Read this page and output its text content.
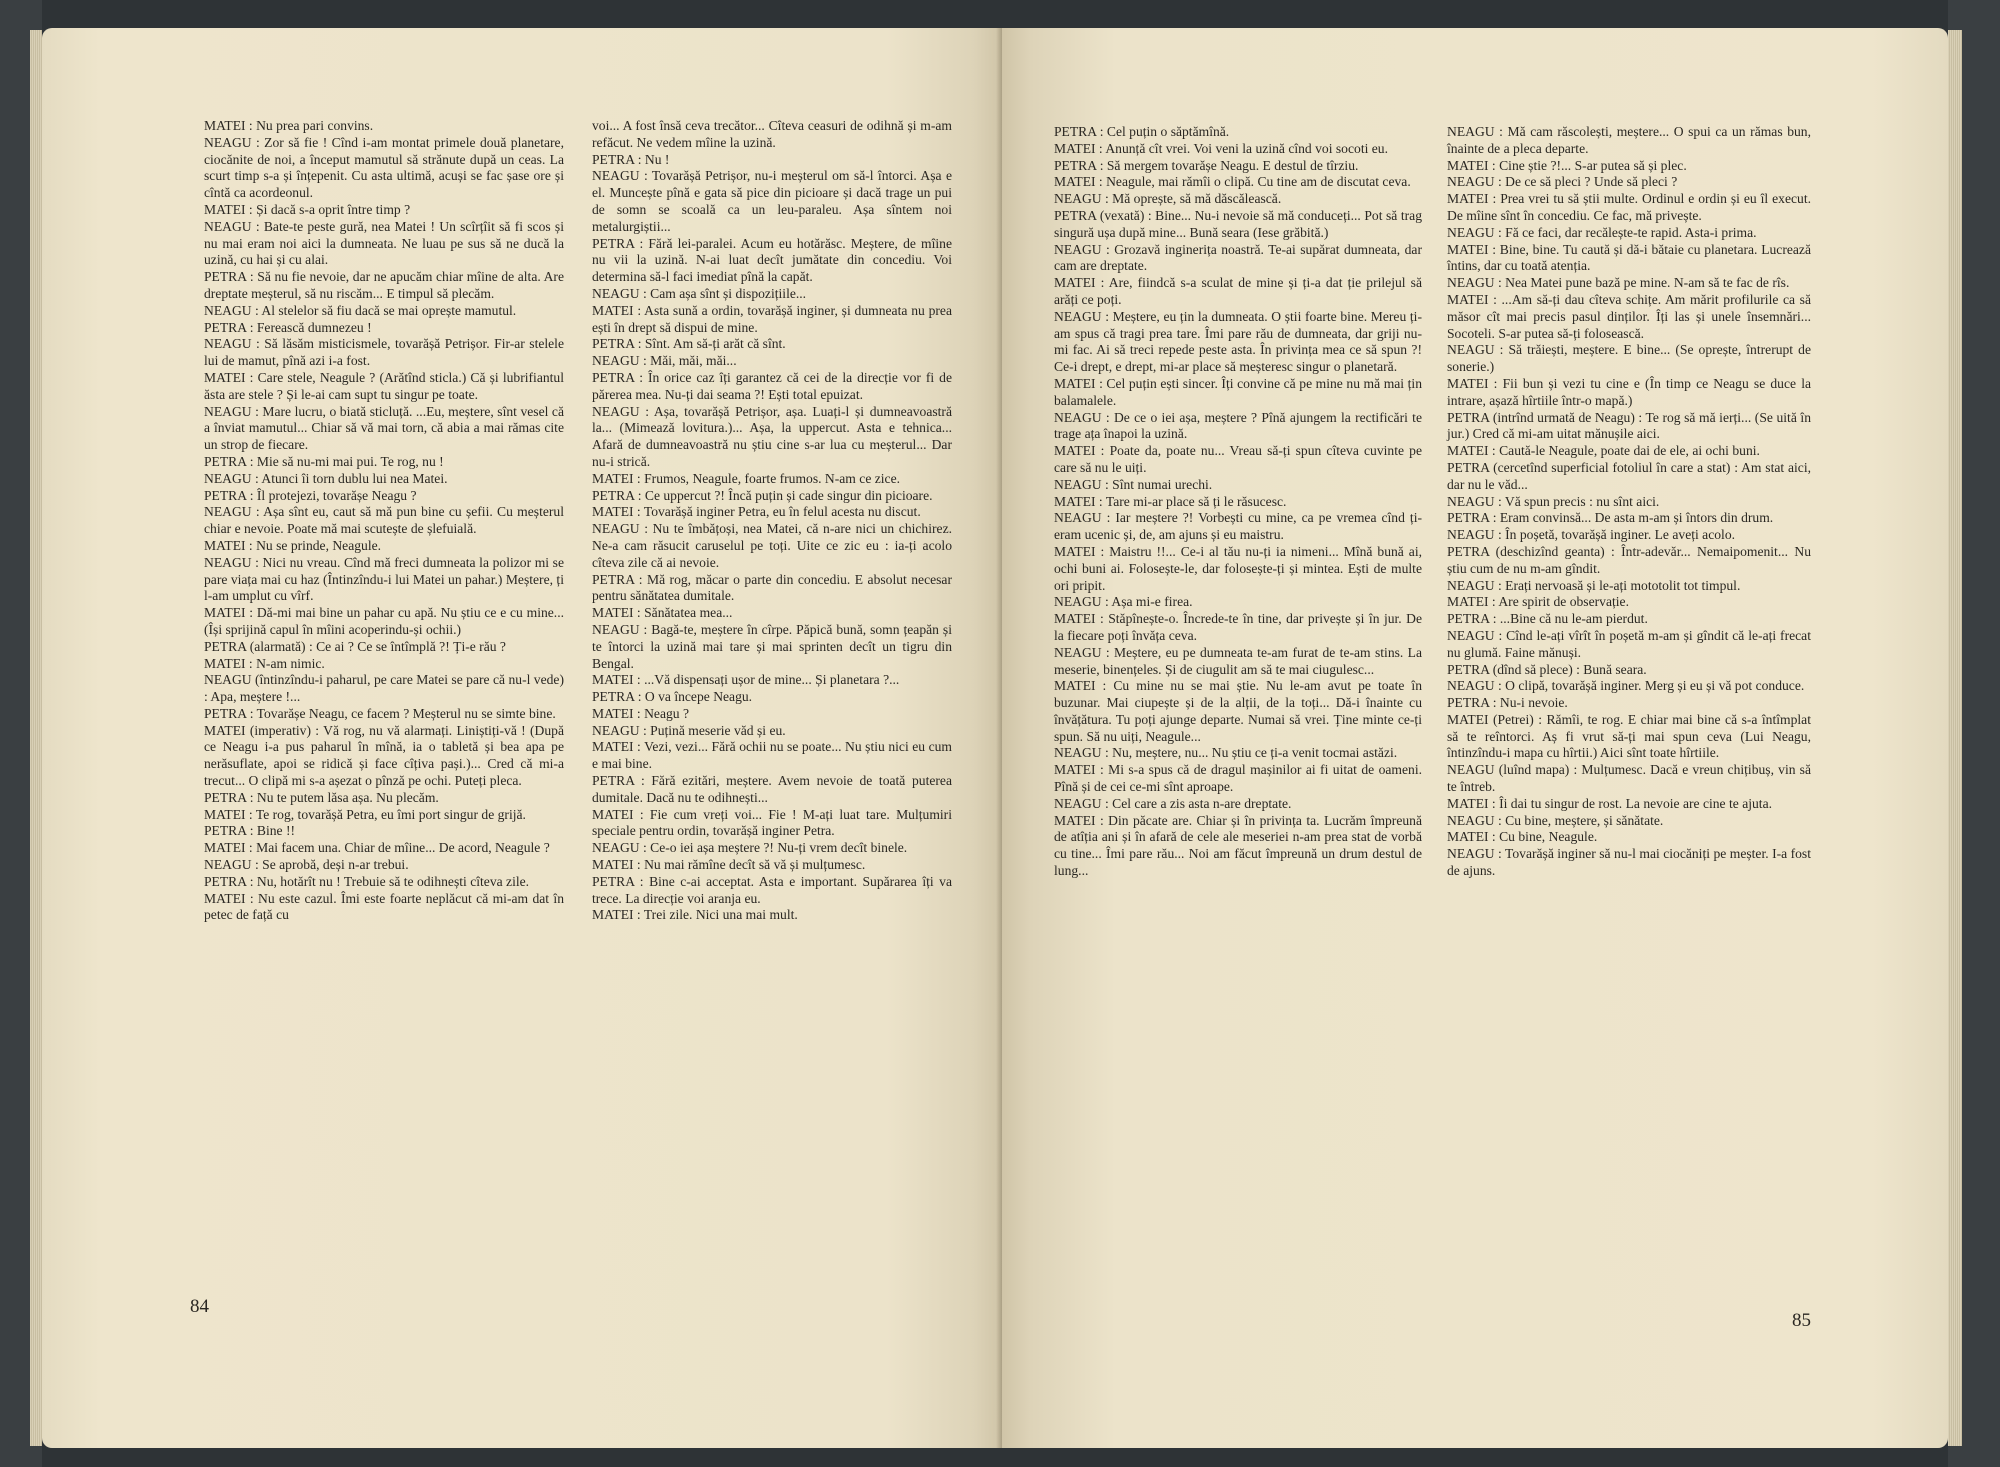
MATEI : Nu prea pari convins.

NEAGU : Zor să fie ! Cînd i-am montat primele două planetare, ciocănite de noi, a început mamutul să strănute după un ceas. La scurt timp s-a și înțepenit. Cu asta ultimă, acuși se fac șase ore și cîntă ca acordeonul.

MATEI : Și dacă s-a oprit între timp ?

NEAGU : Bate-te peste gură, nea Matei ! Un scîrțîit să fi scos și nu mai eram noi aici la dumneata. Ne luau pe sus să ne ducă la uzină, cu hai și cu alai.

PETRA : Să nu fie nevoie, dar ne apucăm chiar mîine de alta. Are dreptate meșterul, să nu riscăm... E timpul să plecăm.

NEAGU : Al stelelor să fiu dacă se mai oprește mamutul.

PETRA : Ferească dumnezeu !

NEAGU : Să lăsăm misticismele, tovarășă Petrișor. Fir-ar stelele lui de mamut, pînă azi i-a fost.

MATEI : Care stele, Neagule ? (Arătînd sticla.) Că și lubrifiantul ăsta are stele ? Și le-ai cam supt tu singur pe toate.

NEAGU : Mare lucru, o biată sticluță. ...Eu, meștere, sînt vesel că a înviat mamutul... Chiar să vă mai torn, că abia a mai rămas cite un strop de fiecare.

PETRA : Mie să nu-mi mai pui. Te rog, nu !

NEAGU : Atunci îi torn dublu lui nea Matei.

PETRA : Îl protejezi, tovarășe Neagu ?

NEAGU : Așa sînt eu, caut să mă pun bine cu șefii. Cu meșterul chiar e nevoie. Poate mă mai scutește de șlefuială.

MATEI : Nu se prinde, Neagule.

NEAGU : Nici nu vreau. Cînd mă freci dumneata la polizor mi se pare viața mai cu haz (Întinzîndu-i lui Matei un pahar.) Meștere, ți l-am umplut cu vîrf.

MATEI : Dă-mi mai bine un pahar cu apă. Nu știu ce e cu mine... (Își sprijină capul în mîini acoperindu-și ochii.)

PETRA (alarmată) : Ce ai ? Ce se întîmplă ?! Ți-e rău ?

MATEI : N-am nimic.

NEAGU (întinzîndu-i paharul, pe care Matei se pare că nu-l vede) : Apa, meștere !...

PETRA : Tovarășe Neagu, ce facem ? Meșterul nu se simte bine.

MATEI (imperativ) : Vă rog, nu vă alarmați. Liniștiți-vă ! (După ce Neagu i-a pus paharul în mînă, ia o tabletă și bea apa pe nerăsuflate, apoi se ridică și face cîțiva pași.)... Cred că mi-a trecut... O clipă mi s-a așezat o pînză pe ochi. Puteți pleca.

PETRA : Nu te putem lăsa așa. Nu plecăm.

MATEI : Te rog, tovarășă Petra, eu îmi port singur de grijă.

PETRA : Bine !!

MATEI : Mai facem una. Chiar de mîine... De acord, Neagule ?

NEAGU : Se aprobă, deși n-ar trebui.

PETRA : Nu, hotărît nu ! Trebuie să te odihnești cîteva zile.

MATEI : Nu este cazul. Îmi este foarte neplăcut că mi-am dat în petec de față cu

voi... A fost însă ceva trecător... Cîteva ceasuri de odihnă și m-am refăcut. Ne vedem mîine la uzină.

PETRA : Nu !

NEAGU : Tovarășă Petrișor, nu-i meșterul om să-l întorci. Așa e el. Muncește pînă e gata să pice din picioare și dacă trage un pui de somn se scoală ca un leu-paraleu. Așa sîntem noi metalurgiștii...

PETRA : Fără lei-paralei. Acum eu hotărăsc. Meștere, de mîine nu vii la uzină. N-ai luat decît jumătate din concediu. Voi determina să-l faci imediat pînă la capăt.

NEAGU : Cam așa sînt și dispozițiile...

MATEI : Asta sună a ordin, tovarășă inginer, și dumneata nu prea ești în drept să dispui de mine.

PETRA : Sînt. Am să-ți arăt că sînt.

NEAGU : Măi, măi, măi...

PETRA : În orice caz îți garantez că cei de la direcție vor fi de părerea mea. Nu-ți dai seama ?! Ești total epuizat.

NEAGU : Așa, tovarășă Petrișor, așa. Luați-l și dumneavoastră la... (Mimează lovitura.)... Așa, la uppercut. Asta e tehnica... Afară de dumneavoastră nu știu cine s-ar lua cu meșterul... Dar nu-i strică.

MATEI : Frumos, Neagule, foarte frumos. N-am ce zice.

PETRA : Ce uppercut ?! Încă puțin și cade singur din picioare.

MATEI : Tovarășă inginer Petra, eu în felul acesta nu discut.

NEAGU : Nu te îmbățoși, nea Matei, că n-are nici un chichirez. Ne-a cam răsucit caruselul pe toți. Uite ce zic eu : ia-ți acolo cîteva zile că ai nevoie.

PETRA : Mă rog, măcar o parte din concediu. E absolut necesar pentru sănătatea dumitale.

MATEI : Sănătatea mea...

NEAGU : Bagă-te, meștere în cîrpe. Păpică bună, somn țeapăn și te întorci la uzină mai tare și mai sprinten decît un tigru din Bengal.

MATEI : ...Vă dispensați ușor de mine... Și planetara ?...

PETRA : O va începe Neagu.

MATEI : Neagu ?

NEAGU : Puțină meserie văd și eu.

MATEI : Vezi, vezi... Fără ochii nu se poate... Nu știu nici eu cum e mai bine.

PETRA : Fără ezitări, meștere. Avem nevoie de toată puterea dumitale. Dacă nu te odihnești...

MATEI : Fie cum vreți voi... Fie ! M-ați luat tare. Mulțumiri speciale pentru ordin, tovarășă inginer Petra.

NEAGU : Ce-o iei așa meștere ?! Nu-ți vrem decît binele.

MATEI : Nu mai rămîne decît să vă și mulțumesc.

PETRA : Bine c-ai acceptat. Asta e important. Supărarea îți va trece. La direcție voi aranja eu.

MATEI : Trei zile. Nici una mai mult.

84

PETRA : Cel puțin o săptămînă.

MATEI : Anunță cît vrei. Voi veni la uzină cînd voi socoti eu.

PETRA : Să mergem tovarășe Neagu. E destul de tîrziu.

MATEI : Neagule, mai rămîi o clipă. Cu tine am de discutat ceva.

NEAGU : Mă oprește, să mă dăscălească.

PETRA (vexată) : Bine... Nu-i nevoie să mă conduceți... Pot să trag singură ușa după mine... Bună seara (Iese grăbită.)

NEAGU : Grozavă inginerița noastră. Te-ai supărat dumneata, dar cam are dreptate.

MATEI : Are, fiindcă s-a sculat de mine și ți-a dat ție prilejul să arăți ce poți.

NEAGU : Meștere, eu țin la dumneata. O știi foarte bine. Mereu ți-am spus că tragi prea tare. Îmi pare rău de dumneata, dar griji nu-mi fac. Ai să treci repede peste asta. În privința mea ce să spun ?! Ce-i drept, e drept, mi-ar place să meșteresc singur o planetară.

MATEI : Cel puțin ești sincer. Îți convine că pe mine nu mă mai țin balamalele.

NEAGU : De ce o iei așa, meștere ? Pînă ajungem la rectificări te trage ața înapoi la uzină.

MATEI : Poate da, poate nu... Vreau să-ți spun cîteva cuvinte pe care să nu le uiți.

NEAGU : Sînt numai urechi.

MATEI : Tare mi-ar place să ți le răsucesc.

NEAGU : Iar meștere ?! Vorbești cu mine, ca pe vremea cînd ți-eram ucenic și, de, am ajuns și eu maistru.

MATEI : Maistru !!... Ce-i al tău nu-ți ia nimeni... Mînă bună ai, ochi buni ai. Folosește-le, dar folosește-ți și mintea. Ești de multe ori pripit.

NEAGU : Așa mi-e firea.

MATEI : Stăpînește-o. Încrede-te în tine, dar privește și în jur. De la fiecare poți învăța ceva.

NEAGU : Meștere, eu pe dumneata te-am furat de te-am stins. La meserie, binențeles. Și de ciugulit am să te mai ciugulesc...

MATEI : Cu mine nu se mai știe. Nu le-am avut pe toate în buzunar. Mai ciupește și de la alții, de la toți... Dă-i înainte cu învățătura. Tu poți ajunge departe. Numai să vrei. Ține minte ce-ți spun. Să nu uiți, Neagule...

NEAGU : Nu, meștere, nu... Nu știu ce ți-a venit tocmai astăzi.

MATEI : Mi s-a spus că de dragul mașinilor ai fi uitat de oameni. Pînă și de cei ce-mi sînt aproape.

NEAGU : Cel care a zis asta n-are dreptate.

MATEI : Din păcate are. Chiar și în privința ta. Lucrăm împreună de atîția ani și în afară de cele ale meseriei n-am prea stat de vorbă cu tine... Îmi pare rău... Noi am făcut împreună un drum destul de lung...

NEAGU : Mă cam răscolești, meștere... O spui ca un rămas bun, înainte de a pleca departe.

MATEI : Cine știe ?!... S-ar putea să și plec.

NEAGU : De ce să pleci ? Unde să pleci ?

MATEI : Prea vrei tu să știi multe. Ordinul e ordin și eu îl execut. De mîine sînt în concediu. Ce fac, mă privește.

NEAGU : Fă ce faci, dar recălește-te rapid. Asta-i prima.

MATEI : Bine, bine. Tu caută și dă-i bătaie cu planetara. Lucrează întins, dar cu toată atenția.

NEAGU : Nea Matei pune bază pe mine. N-am să te fac de rîs.

MATEI : ...Am să-ți dau cîteva schițe. Am mărit profilurile ca să măsor cît mai precis pasul dinților. Îți las și unele însemnări... Socoteli. S-ar putea să-ți folosească.

NEAGU : Să trăiești, meștere. E bine... (Se oprește, întrerupt de sonerie.)

MATEI : Fii bun și vezi tu cine e (În timp ce Neagu se duce la intrare, așază hîrtiile într-o mapă.)

PETRA (intrînd urmată de Neagu) : Te rog să mă ierți... (Se uită în jur.) Cred că mi-am uitat mănușile aici.

MATEI : Caută-le Neagule, poate dai de ele, ai ochi buni.

PETRA (cercetînd superficial fotoliul în care a stat) : Am stat aici, dar nu le văd...

NEAGU : Vă spun precis : nu sînt aici.

PETRA : Eram convinsă... De asta m-am și întors din drum.

NEAGU : În poșetă, tovarășă inginer. Le aveți acolo.

PETRA (deschizînd geanta) : Într-adevăr... Nemaipomenit... Nu știu cum de nu m-am gîndit.

NEAGU : Erați nervoasă și le-ați mototolit tot timpul.

MATEI : Are spirit de observație.

PETRA : ...Bine că nu le-am pierdut.

NEAGU : Cînd le-ați vîrît în poșetă m-am și gîndit că le-ați frecat nu glumă. Faine mănuși.

PETRA (dînd să plece) : Bună seara.

NEAGU : O clipă, tovarășă inginer. Merg și eu și vă pot conduce.

PETRA : Nu-i nevoie.

MATEI (Petrei) : Rămîi, te rog. E chiar mai bine că s-a întîmplat să te reîntorci. Aș fi vrut să-ți mai spun ceva (Lui Neagu, întinzîndu-i mapa cu hîrtii.) Aici sînt toate hîrtiile.

NEAGU (luînd mapa) : Mulțumesc. Dacă e vreun chițibuș, vin să te întreb.

MATEI : Îi dai tu singur de rost. La nevoie are cine te ajuta.

NEAGU : Cu bine, meștere, și sănătate.

MATEI : Cu bine, Neagule.

NEAGU : Tovarășă inginer să nu-l mai ciocăniți pe meșter. I-a fost de ajuns.

85
